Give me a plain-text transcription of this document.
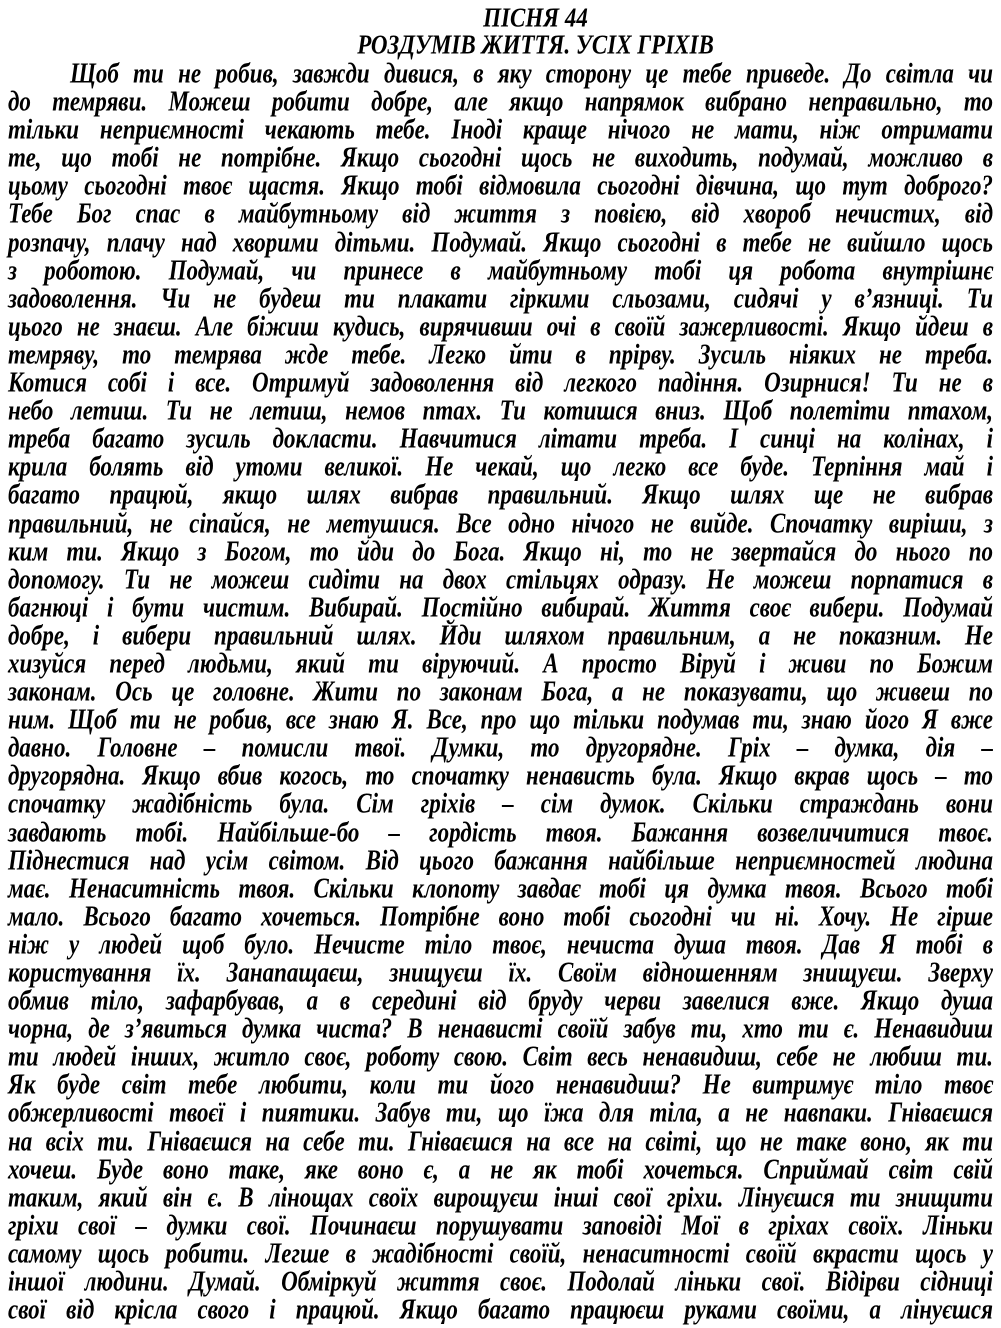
ПІСНЯ 44
РОЗДУМІВ ЖИТТЯ. УСІХ ГРІХІВ
Щоб ти не робив, завжди дивися, в яку сторону це тебе приведе. До світла чи
до темряви. Можеш робити добре, але якщо напрямок вибрано неправильно, то
тільки неприємності чекають тебе. Іноді краще нічого не мати, ніж отримати
те, що тобі не потрібне. Якщо сьогодні щось не виходить, подумай, можливо в
цьому сьогодні твоє щастя. Якщо тобі відмовила сьогодні дівчина, що тут доброго?
Тебе Бог спас в майбутньому від життя з повією, від хвороб нечистих, від
розпачу, плачу над хворими дітьми. Подумай. Якщо сьогодні в тебе не вийшло щось
з роботою. Подумай, чи принесе в майбутньому тобі ця робота внутрішнє
задоволення. Чи не будеш ти плакати гіркими сльозами, сидячі у в’язниці. Ти
цього не знаєш. Але біжиш кудись, вирячивши очі в своїй зажерливості. Якщо йдеш в
темряву, то темрява жде тебе. Легко йти в прірву. Зусиль ніяких не треба.
Котися собі і все. Отримуй задоволення від легкого падіння. Озирнися! Ти не в
небо летиш. Ти не летиш, немов птах. Ти котишся вниз. Щоб полетіти птахом,
треба багато зусиль докласти. Навчитися літати треба. І синці на колінах, і
крила болять від утоми великої. Не чекай, що легко все буде. Терпіння май і
багато працюй, якщо шлях вибрав правильний. Якщо шлях ще не вибрав
правильний, не сіпайся, не метушися. Все одно нічого не вийде. Спочатку виріши, з
ким ти. Якщо з Богом, то йди до Бога. Якщо ні, то не звертайся до нього по
допомогу. Ти не можеш сидіти на двох стільцях одразу. Не можеш порпатися в
багнюці і бути чистим. Вибирай. Постійно вибирай. Життя своє вибери. Подумай
добре, і вибери правильний шлях. Йди шляхом правильним, а не показним. Не
хизуйся перед людьми, який ти віруючий. А просто Віруй і живи по Божим
законам. Ось це головне. Жити по законам Бога, а не показувати, що живеш по
ним. Щоб ти не робив, все знаю Я. Все, про що тільки подумав ти, знаю його Я вже
давно. Головне – помисли твої. Думки, то другорядне. Гріх – думка, дія –
другорядна. Якщо вбив когось, то спочатку ненависть була. Якщо вкрав щось – то
спочатку жадібність була. Сім гріхів – сім думок. Скільки страждань вони
завдають тобі. Найбільше-бо – гордість твоя. Бажання возвеличитися твоє.
Піднестися над усім світом. Від цього бажання найбільше неприємностей людина
має. Ненаситність твоя. Скільки клопоту завдає тобі ця думка твоя. Всього тобі
мало. Всього багато хочеться. Потрібне воно тобі сьогодні чи ні. Хочу. Не гірше
ніж у людей щоб було. Нечисте тіло твоє, нечиста душа твоя. Дав Я тобі в
користування їх. Занапащаєш, знищуєш їх. Своїм відношенням знищуєш. Зверху
обмив тіло, зафарбував, а в середині від бруду черви завелися вже. Якщо душа
чорна, де з’явиться думка чиста? В ненависті своїй забув ти, хто ти є. Ненавидиш
ти людей інших, житло своє, роботу свою. Світ весь ненавидиш, себе не любиш ти.
Як буде світ тебе любити, коли ти його ненавидиш? Не витримує тіло твоє
обжерливості твоєї і пиятики. Забув ти, що їжа для тіла, а не навпаки. Гніваєшся
на всіх ти. Гніваєшся на себе ти. Гніваєшся на все на світі, що не таке воно, як ти
хочеш. Буде воно таке, яке воно є, а не як тобі хочеться. Сприймай світ свій
таким, який він є. В лінощах своїх вирощуєш інші свої гріхи. Лінуєшся ти знищити
гріхи свої – думки свої. Починаєш порушувати заповіді Мої в гріхах своїх. Ліньки
самому щось робити. Легше в жадібності своїй, ненаситності своїй вкрасти щось у
іншої людини. Думай. Обміркуй життя своє. Подолай ліньки свої. Відірви сідниці
свої від крісла свого і працюй. Якщо багато працюєш руками своїми, а лінуєшся
